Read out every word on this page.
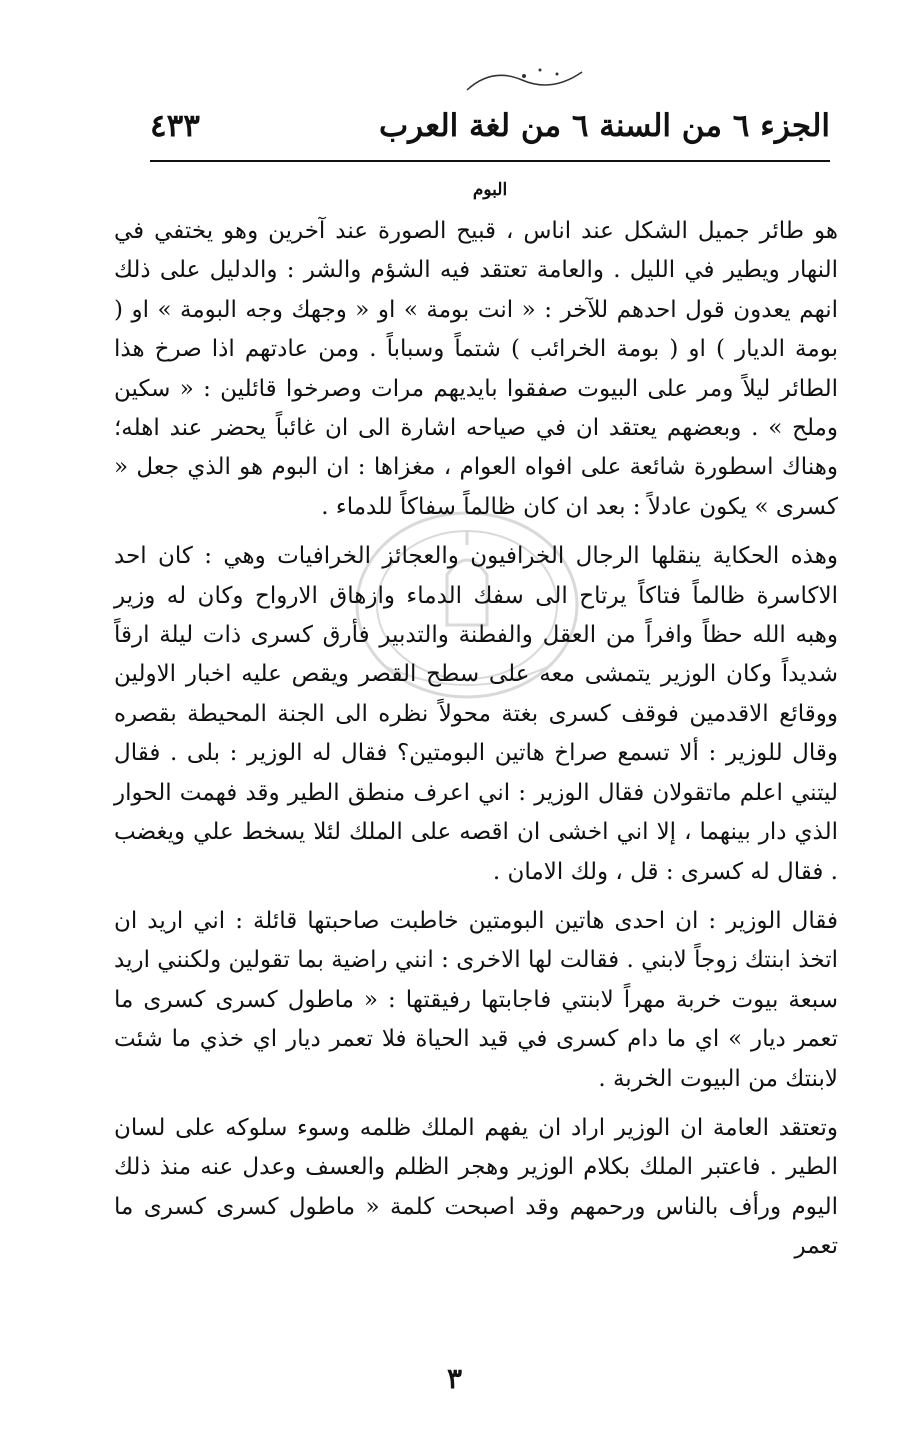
الجزء ٦ من السنة ٦ من لغة العرب
٤٣٣
البوم

هو طائر جميل الشكل عند اناس ، قبيح الصورة عند آخرين وهو يختفي في النهار ويطير في الليل . والعامة تعتقد فيه الشؤم والشر : والدليل على ذلك انهم يعدون قول احدهم للآخر : « انت بومة » او « وجهك وجه البومة » او ( بومة الديار ) او ( بومة الخرائب ) شتماً وسباباً . ومن عادتهم اذا صرخ هذا الطائر ليلاً ومر على البيوت صفقوا بايديهم مرات وصرخوا قائلين : « سكين وملح » . وبعضهم يعتقد ان في صياحه اشارة الى ان غائباً يحضر عند اهله؛ وهناك اسطورة شائعة على افواه العوام ، مغزاها : ان البوم هو الذي جعل « كسرى » يكون عادلاً : بعد ان كان ظالماً سفاكاً للدماء .

وهذه الحكاية ينقلها الرجال الخرافيون والعجائز الخرافيات وهي : كان احد الاكاسرة ظالماً فتاكاً يرتاح الى سفك الدماء وازهاق الارواح وكان له وزير وهبه الله حظاً وافراً من العقل والفطنة والتدبير فأرق كسرى ذات ليلة ارقاً شديداً وكان الوزير يتمشى معه على سطح القصر ويقص عليه اخبار الاولين ووقائع الاقدمين فوقف كسرى بغتة محولاً نظره الى الجنة المحيطة بقصره وقال للوزير : ألا تسمع صراخ هاتين البومتين؟ فقال له الوزير : بلى . فقال ليتني اعلم ماتقولان فقال الوزير : اني اعرف منطق الطير وقد فهمت الحوار الذي دار بينهما ، إلا اني اخشى ان اقصه على الملك لئلا يسخط علي ويغضب . فقال له كسرى : قل ، ولك الامان .

فقال الوزير : ان احدى هاتين البومتين خاطبت صاحبتها قائلة : اني اريد ان اتخذ ابنتك زوجاً لابني . فقالت لها الاخرى : انني راضية بما تقولين ولكنني اريد سبعة بيوت خربة مهراً لابنتي فاجابتها رفيقتها : « ماطول كسرى كسرى ما تعمر ديار » اي ما دام كسرى في قيد الحياة فلا تعمر ديار اي خذي ما شئت لابنتك من البيوت الخربة .

وتعتقد العامة ان الوزير اراد ان يفهم الملك ظلمه وسوء سلوكه على لسان الطير . فاعتبر الملك بكلام الوزير وهجر الظلم والعسف وعدل عنه منذ ذلك اليوم ورأف بالناس ورحمهم وقد اصبحت كلمة « ماطول كسرى كسرى ما تعمر

٣
